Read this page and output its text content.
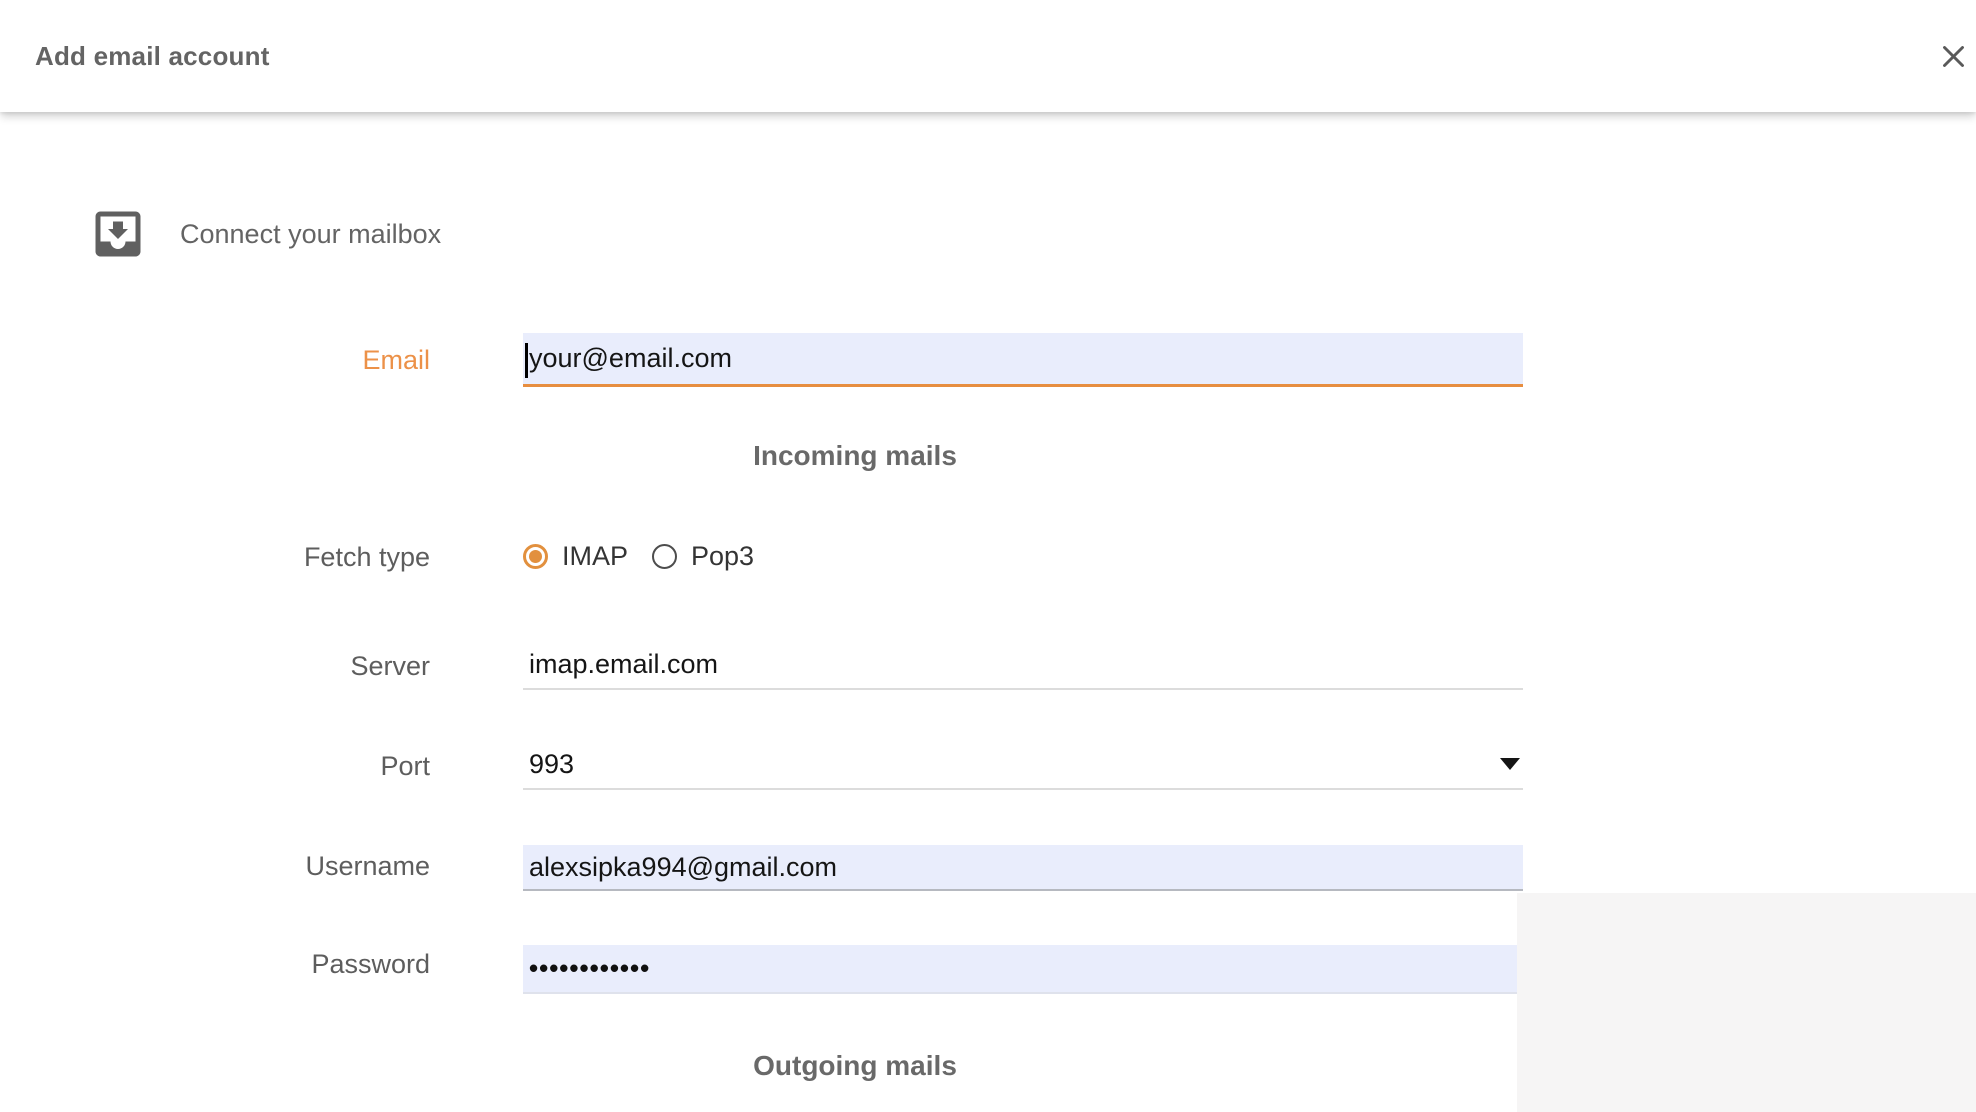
Add email account
Connect your mailbox
Email
your@email.com
Incoming mails
Fetch type	IMAP Pop3
Server
imap.email.com
Port	993
Username
alexsipka994@gmail.com
Password
••••••••••••
Outgoing mails
